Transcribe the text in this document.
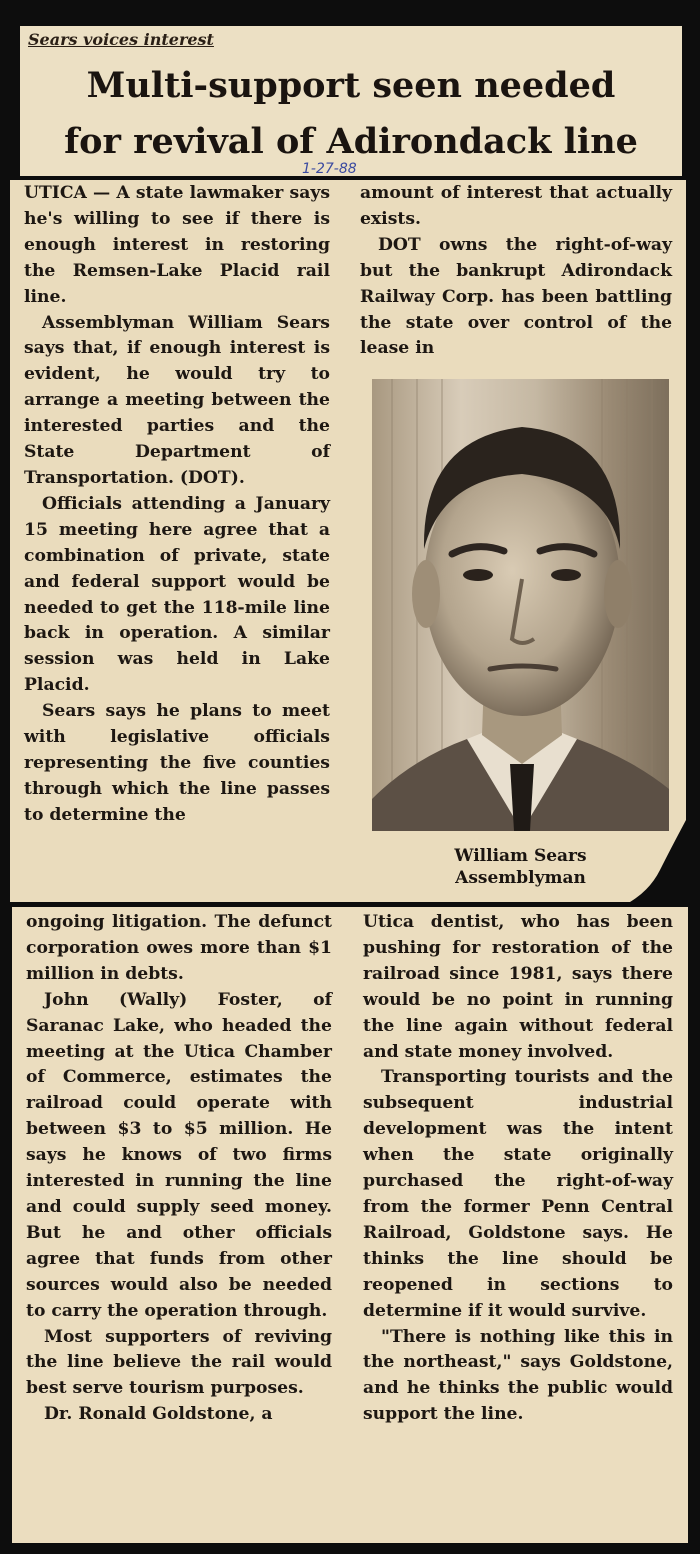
Sears voices interest
Multi-support seen needed
for revival of Adirondack line
1-27-88

UTICA — A state lawmaker says he's willing to see if there is enough interest in restoring the Remsen-Lake Placid rail line.

Assemblyman William Sears says that, if enough interest is evident, he would try to arrange a meeting between the interested parties and the State Department of Transportation. (DOT).

Officials attending a January 15 meeting here agree that a combination of private, state and federal support would be needed to get the 118-mile line back in operation. A similar session was held in Lake Placid.

Sears says he plans to meet with legislative officials representing the five counties through which the line passes to determine the

amount of interest that actually exists.

DOT owns the right-of-way but the bankrupt Adirondack Railway Corp. has been battling the state over control of the lease in

William Sears
Assemblyman

ongoing litigation. The defunct corporation owes more than $1 million in debts.

John (Wally) Foster, of Saranac Lake, who headed the meeting at the Utica Chamber of Commerce, estimates the railroad could operate with between $3 to $5 million. He says he knows of two firms interested in running the line and could supply seed money. But he and other officials agree that funds from other sources would also be needed to carry the operation through.

Most supporters of reviving the line believe the rail would best serve tourism purposes.

Dr. Ronald Goldstone, a

Utica dentist, who has been pushing for restoration of the railroad since 1981, says there would be no point in running the line again without federal and state money involved.

Transporting tourists and the subsequent industrial development was the intent when the state originally purchased the right-of-way from the former Penn Central Railroad, Goldstone says. He thinks the line should be reopened in sections to determine if it would survive.

"There is nothing like this in the northeast," says Goldstone, and he thinks the public would support the line.
